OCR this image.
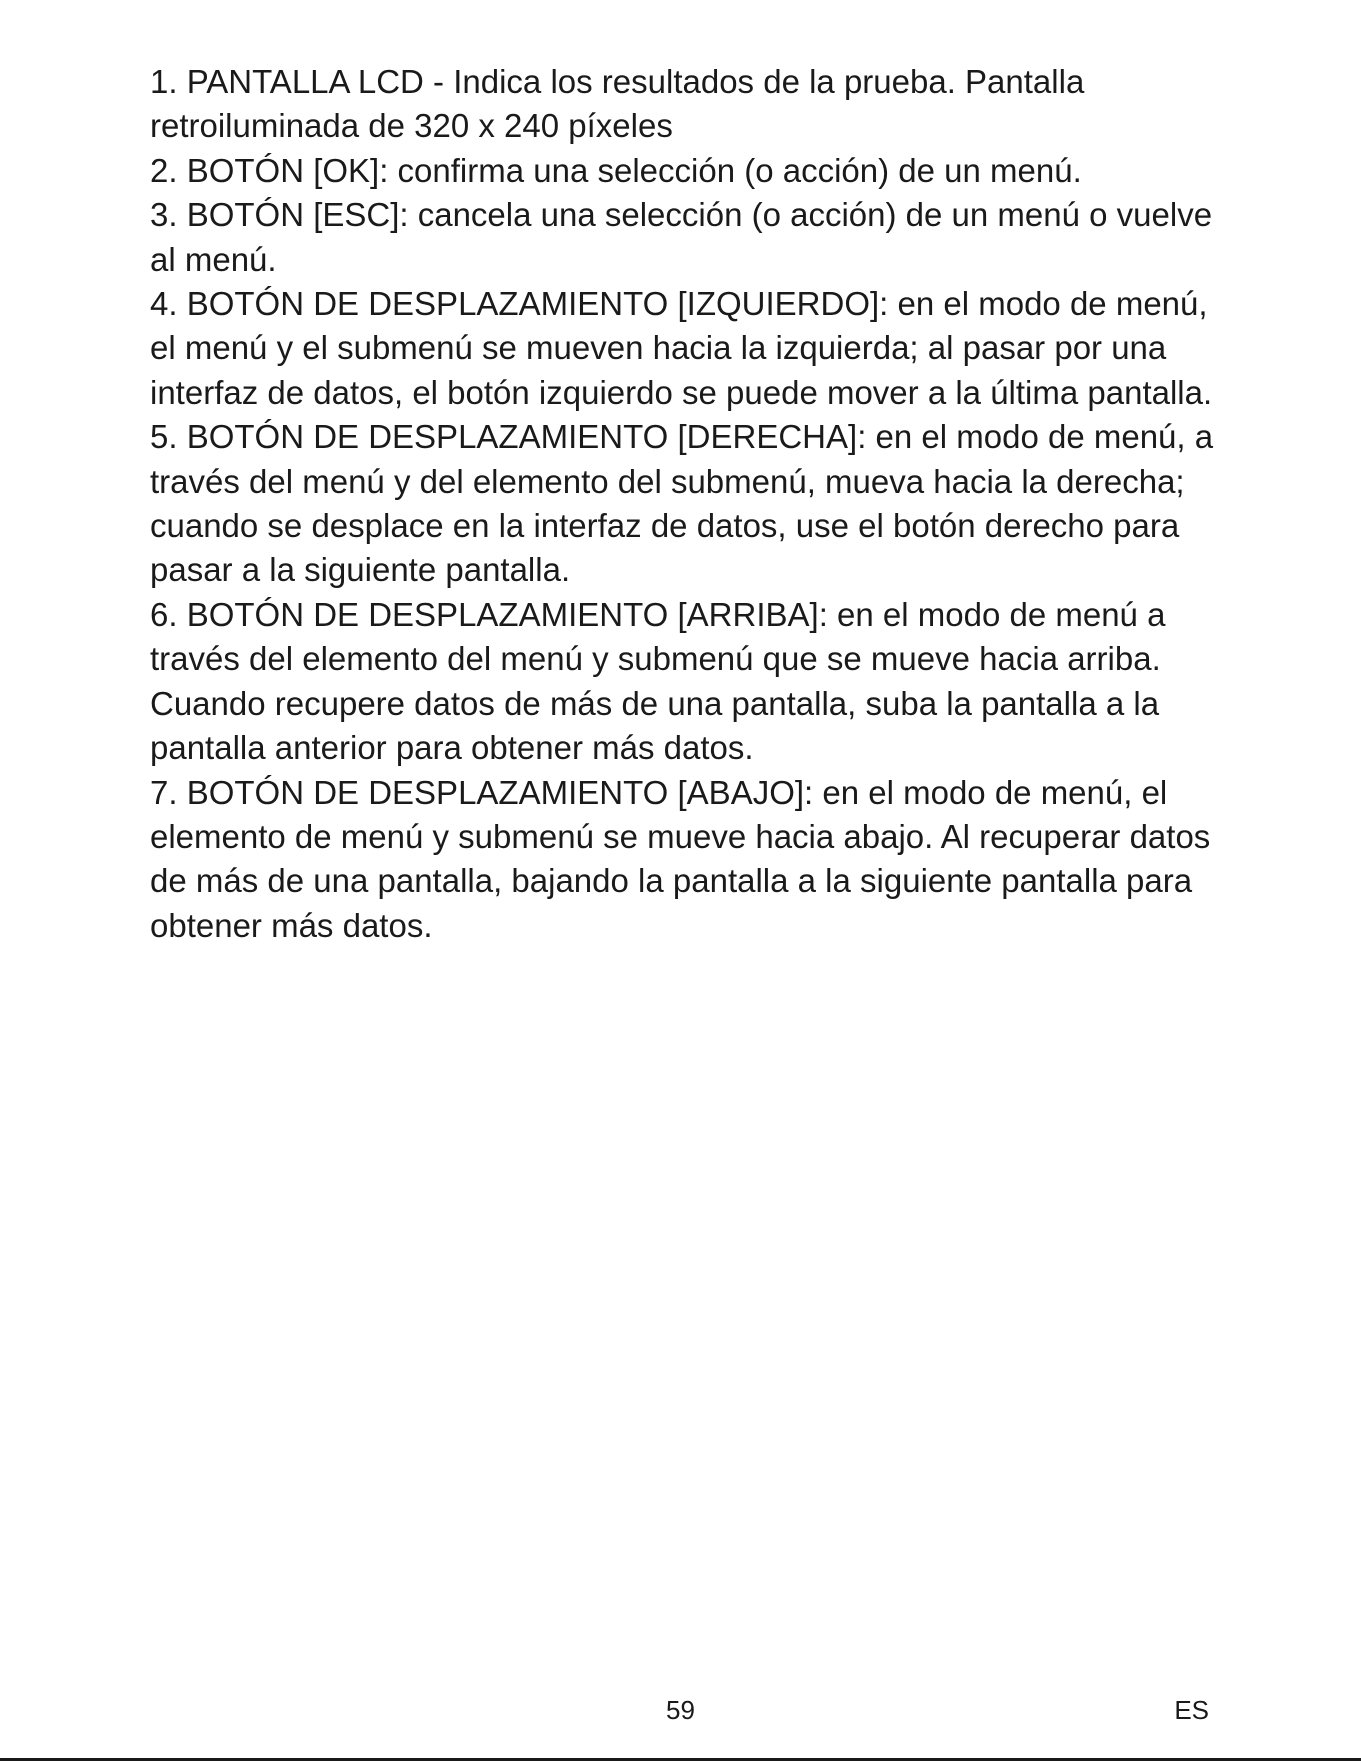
1. PANTALLA LCD - Indica los resultados de la prueba. Pantalla retroiluminada de 320 x 240 píxeles

2. BOTÓN [OK]: confirma una selección (o acción) de un menú.

3. BOTÓN [ESC]: cancela una selección (o acción) de un menú o vuelve al menú.

4. BOTÓN DE DESPLAZAMIENTO [IZQUIERDO]: en el modo de menú, el menú y el submenú se mueven hacia la izquierda; al pasar por una interfaz de datos, el botón izquierdo se puede mover a la última pantalla.

5. BOTÓN DE DESPLAZAMIENTO [DERECHA]: en el modo de menú, a través del menú y del elemento del submenú, mueva hacia la derecha; cuando se desplace en la interfaz de datos, use el botón derecho para pasar a la siguiente pantalla.

6. BOTÓN DE DESPLAZAMIENTO [ARRIBA]: en el modo de menú a través del elemento del menú y submenú que se mueve hacia arriba. Cuando recupere datos de más de una pantalla, suba la pantalla a la pantalla anterior para obtener más datos.

7. BOTÓN DE DESPLAZAMIENTO [ABAJO]: en el modo de menú, el elemento de menú y submenú se mueve hacia abajo. Al recuperar datos de más de una pantalla, bajando la pantalla a la siguiente pantalla para obtener más datos.

59	ES
